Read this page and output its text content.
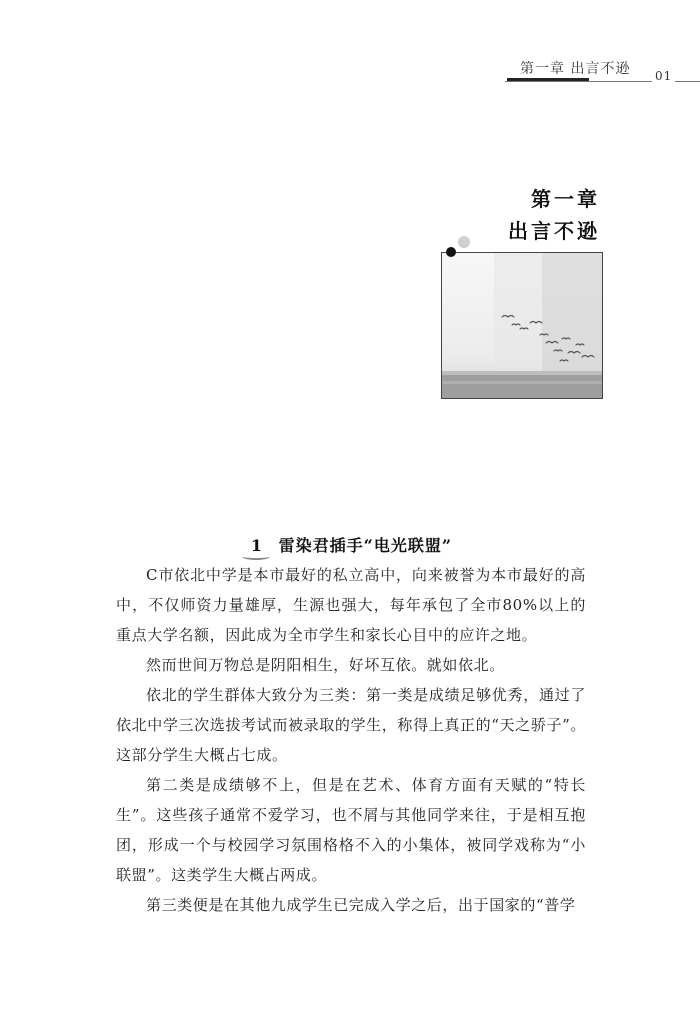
第一章 出言不逊	01
第一章
出言不逊
1 雷染君插手“电光联盟”

C市依北中学是本市最好的私立高中，向来被誉为本市最好的高中，不仅师资力量雄厚，生源也强大，每年承包了全市80%以上的重点大学名额，因此成为全市学生和家长心目中的应许之地。

然而世间万物总是阴阳相生，好坏互依。就如依北。

依北的学生群体大致分为三类：第一类是成绩足够优秀，通过了依北中学三次选拔考试而被录取的学生，称得上真正的“天之骄子”。这部分学生大概占七成。

第二类是成绩够不上，但是在艺术、体育方面有天赋的“特长生”。这些孩子通常不爱学习，也不屑与其他同学来往，于是相互抱团，形成一个与校园学习氛围格格不入的小集体，被同学戏称为“小联盟”。这类学生大概占两成。

第三类便是在其他九成学生已完成入学之后，出于国家的“普学
